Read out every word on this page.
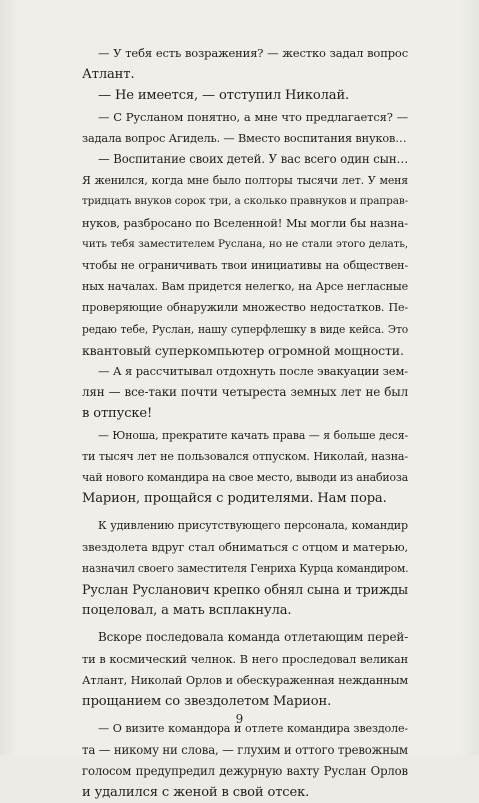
— У тебя есть возражения? — жестко задал вопрос
Атлант.
— Не имеется, — отступил Николай.
— С Русланом понятно, а мне что предлагается? —
задала вопрос Агидель. — Вместо воспитания внуков…
— Воспитание своих детей. У вас всего один сын…
Я женился, когда мне было полторы тысячи лет. У меня
тридцать внуков сорок три, а сколько правнуков и праправ-
нуков, разбросано по Вселенной! Мы могли бы назна-
чить тебя заместителем Руслана, но не стали этого делать,
чтобы не ограничивать твои инициативы на обществен-
ных началах. Вам придется нелегко, на Арсе негласные
проверяющие обнаружили множество недостатков. Пе-
редаю тебе, Руслан, нашу суперфлешку в виде кейса. Это
квантовый суперкомпьютер огромной мощности.
— А я рассчитывал отдохнуть после эвакуации зем-
лян — все-таки почти четыреста земных лет не был
в отпуске!
— Юноша, прекратите качать права — я больше деся-
ти тысяч лет не пользовался отпуском. Николай, назна-
чай нового командира на свое место, выводи из анабиоза
Марион, прощайся с родителями. Нам пора.
К удивлению присутствующего персонала, командир
звездолета вдруг стал обниматься с отцом и матерью,
назначил своего заместителя Генриха Курца командиром.
Руслан Русланович крепко обнял сына и трижды
поцеловал, а мать всплакнула.
Вскоре последовала команда отлетающим перей-
ти в космический челнок. В него проследовал великан
Атлант, Николай Орлов и обескураженная нежданным
прощанием со звездолетом Марион.
— О визите командора и отлете командира звездоле-
та — никому ни слова, — глухим и оттого тревожным
голосом предупредил дежурную вахту Руслан Орлов
и удалился с женой в свой отсек.
9
